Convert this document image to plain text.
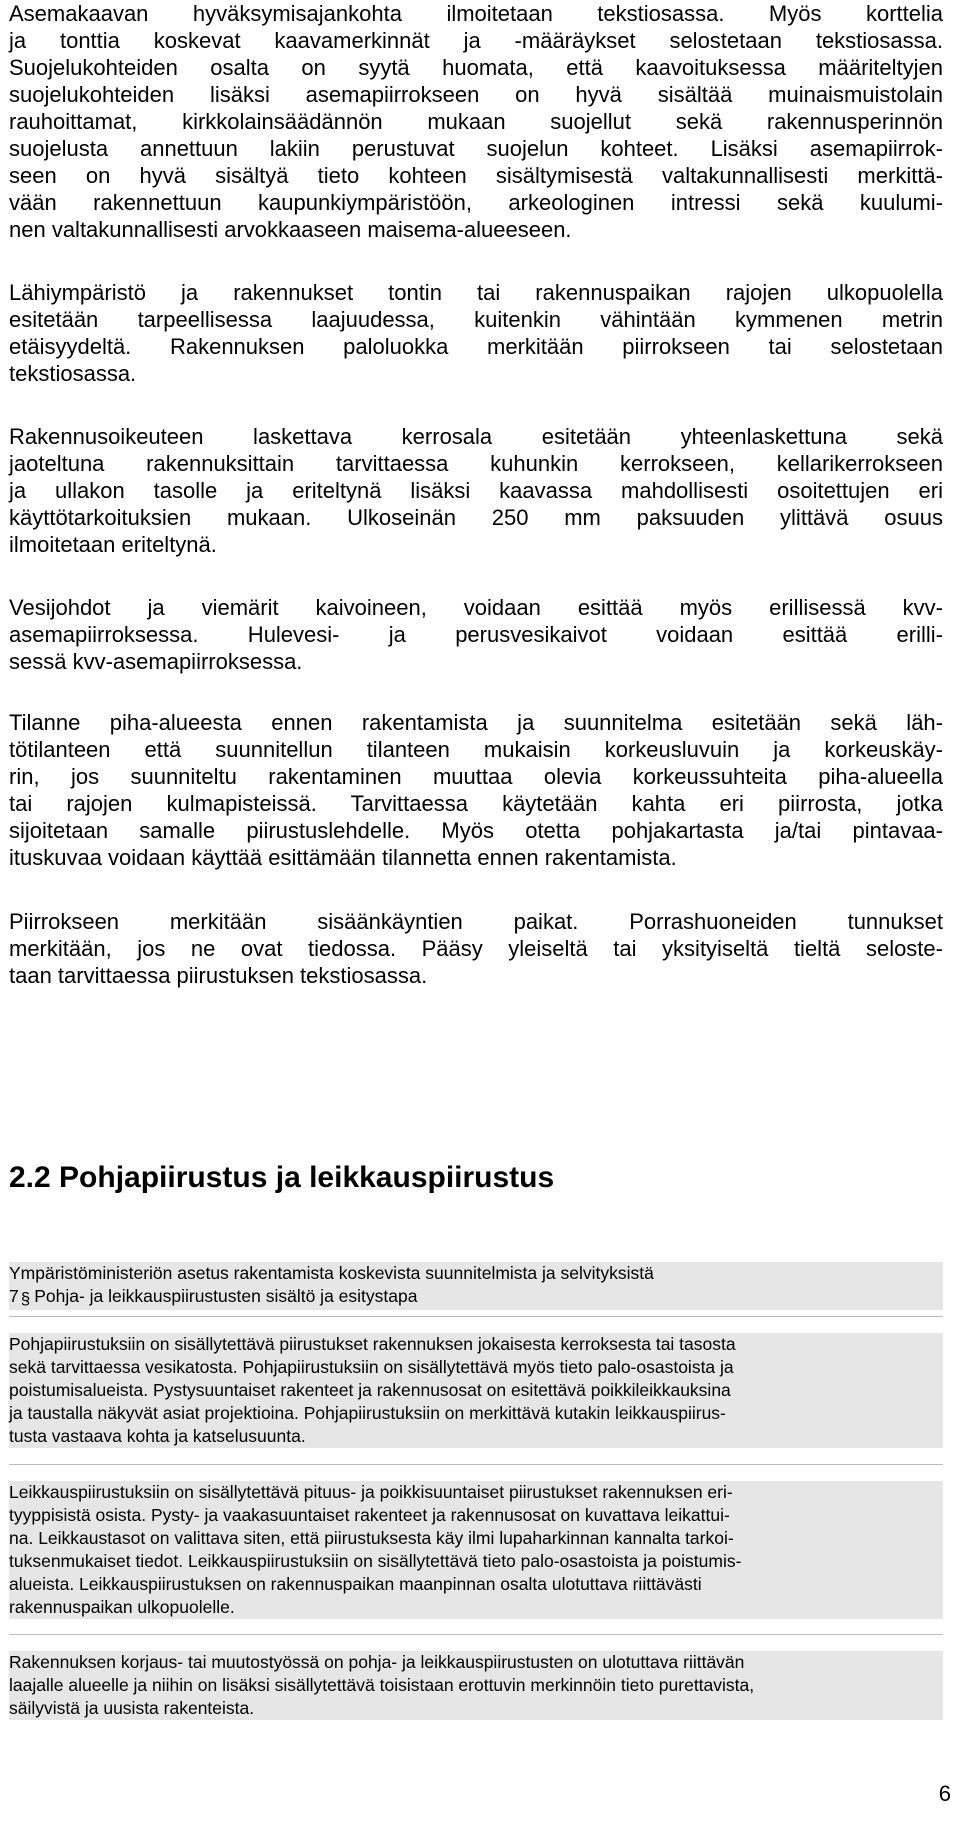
Asemakaavan hyväksymisajankohta ilmoitetaan tekstiosassa. Myös korttelia
ja tonttia koskevat kaavamerkinnät ja -määräykset selostetaan tekstiosassa.
Suojelukohteiden osalta on syytä huomata, että kaavoituksessa määriteltyjen
suojelukohteiden lisäksi asemapiirrokseen on hyvä sisältää muinaismuistolain
rauhoittamat, kirkkolainsäädännön mukaan suojellut sekä rakennusperinnön
suojelusta annettuun lakiin perustuvat suojelun kohteet. Lisäksi asemapiirrok-
seen on hyvä sisältyä tieto kohteen sisältymisestä valtakunnallisesti merkittä-
vään rakennettuun kaupunkiympäristöön, arkeologinen intressi sekä kuulumi-
nen valtakunnallisesti arvokkaaseen maisema-alueeseen.
Lähiympäristö ja rakennukset tontin tai rakennuspaikan rajojen ulkopuolella
esitetään tarpeellisessa laajuudessa, kuitenkin vähintään kymmenen metrin
etäisyydeltä. Rakennuksen paloluokka merkitään piirrokseen tai selostetaan
tekstiosassa.
Rakennusoikeuteen laskettava kerrosala esitetään yhteenlaskettuna sekä
jaoteltuna rakennuksittain tarvittaessa kuhunkin kerrokseen, kellarikerrokseen
ja ullakon tasolle ja eriteltynä lisäksi kaavassa mahdollisesti osoitettujen eri
käyttötarkoituksien mukaan. Ulkoseinän 250 mm paksuuden ylittävä osuus
ilmoitetaan eriteltynä.
Vesijohdot ja viemärit kaivoineen, voidaan esittää myös erillisessä kvv-
asemapiirroksessa. Hulevesi- ja perusvesikaivot voidaan esittää erilli-
sessä kvv-asemapiirroksessa.
Tilanne piha-alueesta ennen rakentamista ja suunnitelma esitetään sekä läh-
tötilanteen että suunnitellun tilanteen mukaisin korkeusluvuin ja korkeuskäy-
rin, jos suunniteltu rakentaminen muuttaa olevia korkeussuhteita piha-alueella
tai rajojen kulmapisteissä. Tarvittaessa käytetään kahta eri piirrosta, jotka
sijoitetaan samalle piirustuslehdelle. Myös otetta pohjakartasta ja/tai pintavaa-
ituskuvaa voidaan käyttää esittämään tilannetta ennen rakentamista.
Piirrokseen merkitään sisäänkäyntien paikat. Porrashuoneiden tunnukset
merkitään, jos ne ovat tiedossa. Pääsy yleiseltä tai yksityiseltä tieltä seloste-
taan tarvittaessa piirustuksen tekstiosassa.
2.2 Pohjapiirustus ja leikkauspiirustus
Ympäristöministeriön asetus rakentamista koskevista suunnitelmista ja selvityksistä
7 § Pohja- ja leikkauspiirustusten sisältö ja esitystapa
Pohjapiirustuksiin on sisällytettävä piirustukset rakennuksen jokaisesta kerroksesta tai tasosta
sekä tarvittaessa vesikatosta. Pohjapiirustuksiin on sisällytettävä myös tieto palo-osastoista ja
poistumisalueista. Pystysuuntaiset rakenteet ja rakennusosat on esitettävä poikkileikkauksina
ja taustalla näkyvät asiat projektioina. Pohjapiirustuksiin on merkittävä kutakin leikkauspiirus-
tusta vastaava kohta ja katselusuunta.
Leikkauspiirustuksiin on sisällytettävä pituus- ja poikkisuuntaiset piirustukset rakennuksen eri-
tyyppisistä osista. Pysty- ja vaakasuuntaiset rakenteet ja rakennusosat on kuvattava leikattui-
na. Leikkaustasot on valittava siten, että piirustuksesta käy ilmi lupaharkinnan kannalta tarkoi-
tuksenmukaiset tiedot. Leikkauspiirustuksiin on sisällytettävä tieto palo-osastoista ja poistumis-
alueista. Leikkauspiirustuksen on rakennuspaikan maanpinnan osalta ulotuttava riittävästi
rakennuspaikan ulkopuolelle.
Rakennuksen korjaus- tai muutostyössä on pohja- ja leikkauspiirustusten on ulotuttava riittävän
laajalle alueelle ja niihin on lisäksi sisällytettävä toisistaan erottuvin merkinnöin tieto purettavista,
säilyvistä ja uusista rakenteista.
6
